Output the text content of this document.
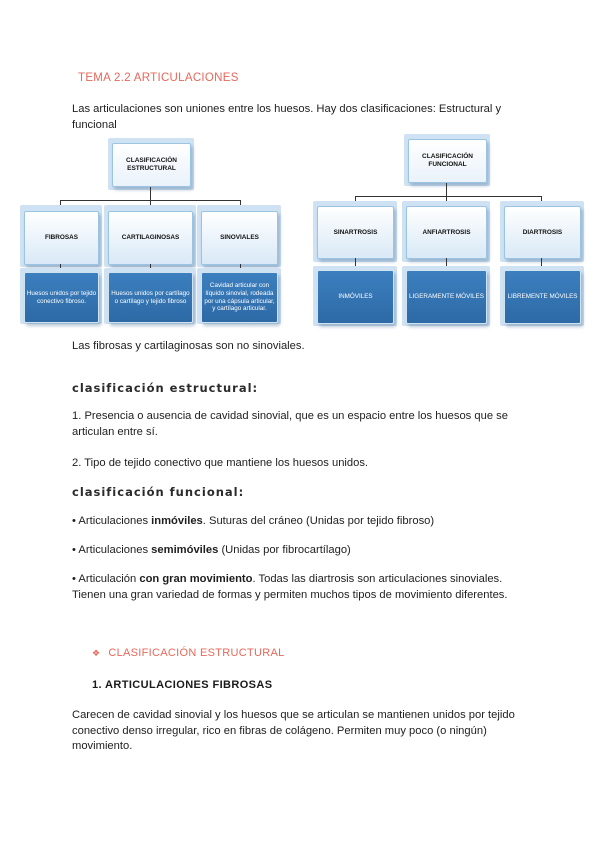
TEMA 2.2 ARTICULACIONES
Las articulaciones son uniones entre los huesos. Hay dos clasificaciones: Estructural y funcional
CLASIFICACIÓN ESTRUCTURAL
FIBROSAS	CARTILAGINOSAS	SINOVIALES
Huesos unidos por tejido conectivo fibroso.
Huesos unidos por cartílago o cartílago y tejido fibroso
Cavidad articular con líquido sinovial, rodeada por una cápsula articular, y cartílago articular.
CLASIFICACIÓN FUNCIONAL
SINARTROSIS	ANFIARTROSIS	DIARTROSIS
INMÓVILES	LIGERAMENTE MÓVILES	LIBREMENTE MÓVILES
Las fibrosas y cartilaginosas son no sinoviales.
clasificación estructural:
1. Presencia o ausencia de cavidad sinovial, que es un espacio entre los huesos que se articulan entre sí.
2. Tipo de tejido conectivo que mantiene los huesos unidos.
clasificación funcional:
• Articulaciones inmóviles. Suturas del cráneo (Unidas por tejido fibroso)
• Articulaciones semimóviles (Unidas por fibrocartílago)
• Articulación con gran movimiento. Todas las diartrosis son articulaciones sinoviales. Tienen una gran variedad de formas y permiten muchos tipos de movimiento diferentes.
❖ CLASIFICACIÓN ESTRUCTURAL
1. ARTICULACIONES FIBROSAS
Carecen de cavidad sinovial y los huesos que se articulan se mantienen unidos por tejido conectivo denso irregular, rico en fibras de colágeno. Permiten muy poco (o ningún) movimiento.
